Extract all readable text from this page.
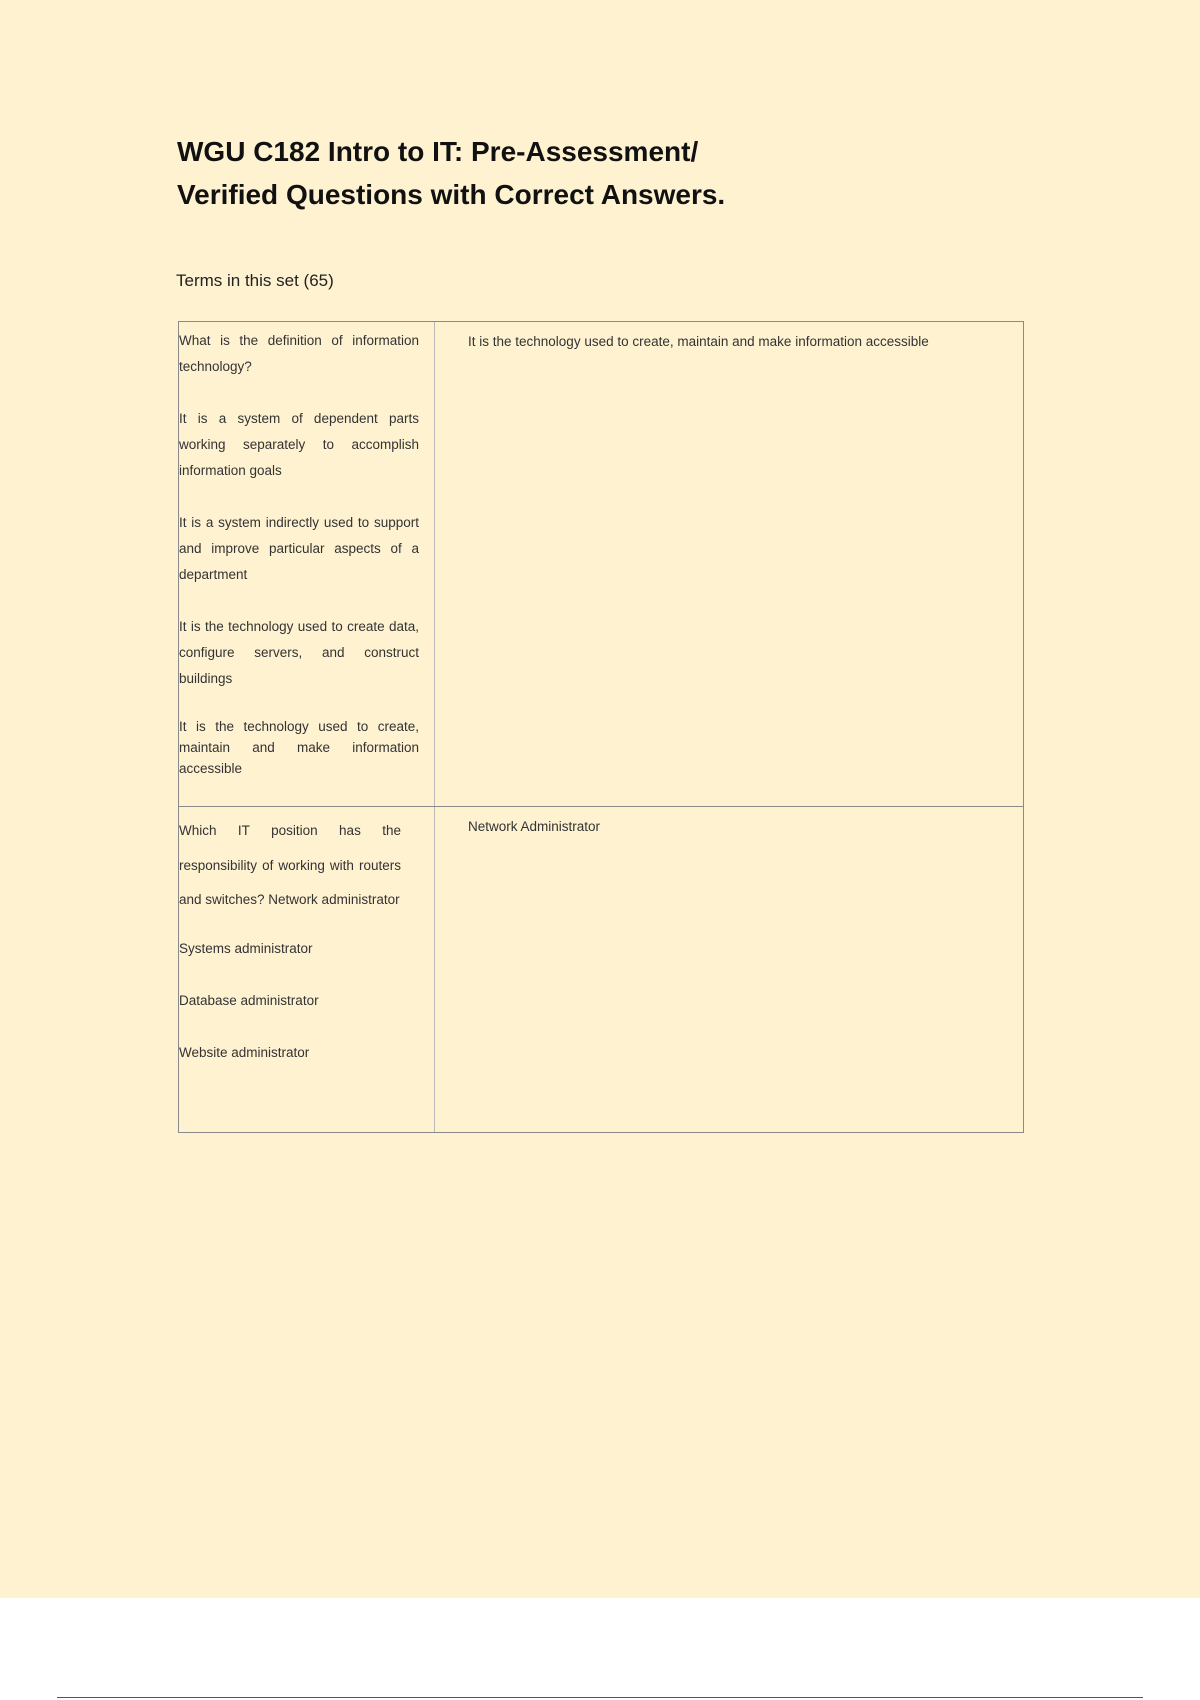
WGU C182 Intro to IT: Pre-Assessment/
Verified Questions with Correct Answers.
Terms in this set (65)

What is the definition of information technology?

It is a system of dependent parts working separately to accomplish information goals

It is a system indirectly used to support and improve particular aspects of a department

It is the technology used to create data, configure servers, and construct buildings

It is the technology used to create, maintain and make information accessible

It is the technology used to create, maintain and make information accessible

Which IT position has the responsibility of working with routers and switches? Network administrator

Systems administrator

Database administrator

Website administrator

Network Administrator
